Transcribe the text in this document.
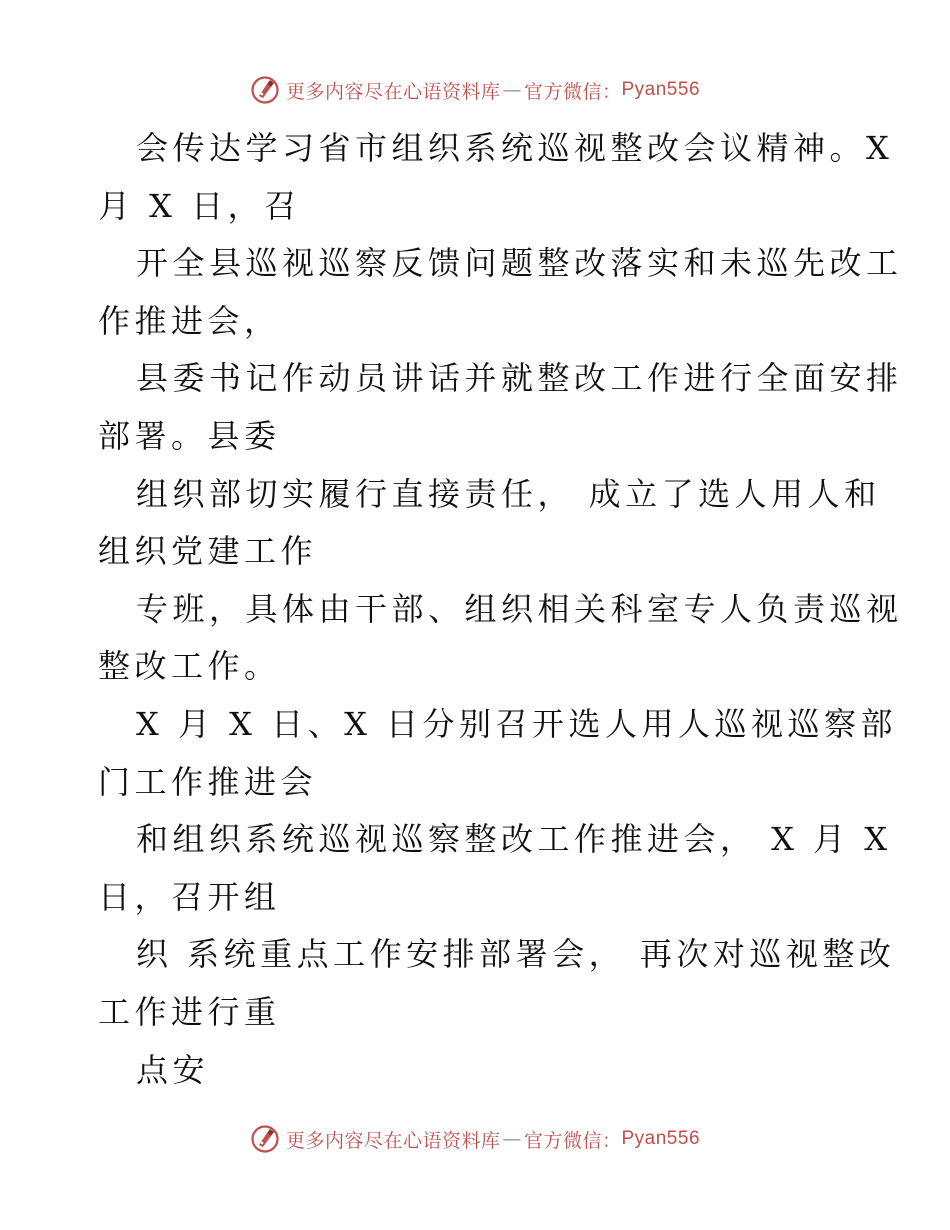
更多内容尽在心语资料库 — 官方微信： Pyan556

会传达学习省市组织系统巡视整改会议精神。X

月 X 日，召

开全县巡视巡察反馈问题整改落实和未巡先改工

作推进会，

县委书记作动员讲话并就整改工作进行全面安排

部署。县委

组织部切实履行直接责任， 成立了选人用人和

组织党建工作

专班，具体由干部、组织相关科室专人负责巡视

整改工作。

X 月 X 日、X 日分别召开选人用人巡视巡察部

门工作推进会

和组织系统巡视巡察整改工作推进会， X 月 X

日，召开组

织 系统重点工作安排部署会， 再次对巡视整改

工作进行重

点安

更多内容尽在心语资料库 — 官方微信： Pyan556
